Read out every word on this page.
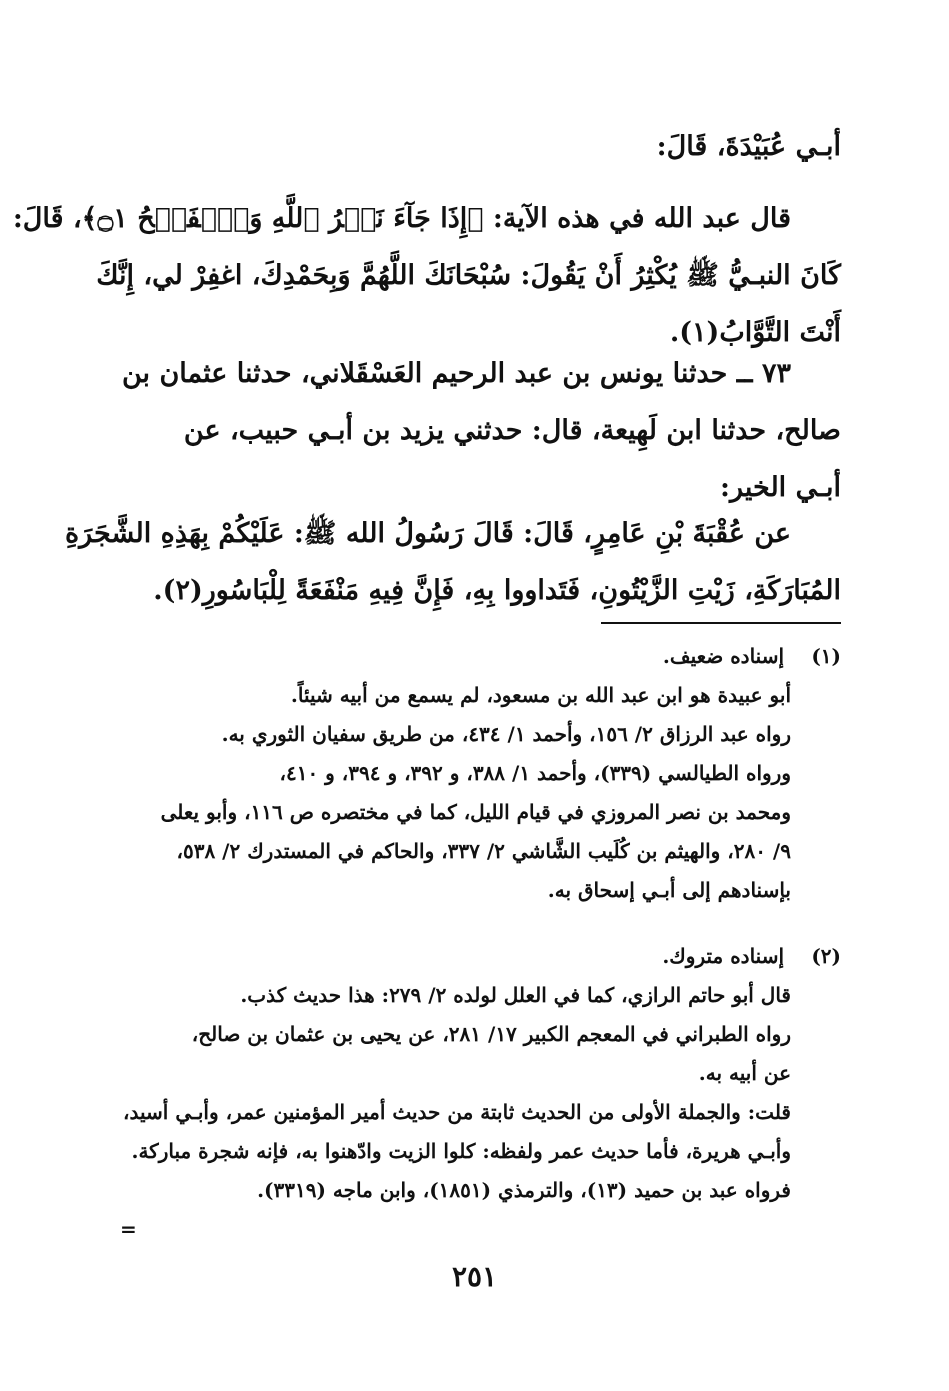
أبـي عُبَيْدَةَ، قَالَ:
قال عبد الله في هذه الآية: ﴿إِذَا جَآءَ نَصۡرُ ٱللَّهِ وَٱلۡفَتۡحُ ۝١﴾، قَالَ:
كَانَ النبـيُّ ﷺ يُكْثِرُ أَنْ يَقُولَ: سُبْحَانَكَ اللَّهُمَّ وَبِحَمْدِكَ، اغفِرْ لي، إِنَّكَ
أَنْتَ التَّوَّابُ(١).
٧٣ ــ حدثنا يونس بن عبد الرحيم العَسْقَلاني، حدثنا عثمان بن
صالح، حدثنا ابن لَهِيعة، قال: حدثني يزيد بن أبـي حبيب، عن
أبـي الخير:
عن عُقْبَةَ بْنِ عَامِرٍ، قَالَ: قَالَ رَسُولُ الله ﷺ: عَلَيْكُمْ بِهَذِهِ الشَّجَرَةِ
المُبَارَكَةِ، زَيْتِ الزَّيْتُونِ، فَتَداووا بِهِ، فَإِنَّ فِيهِ مَنْفَعَةً لِلْبَاسُورِ(٢).
(١) إسناده ضعيف.
أبو عبيدة هو ابن عبد الله بن مسعود، لم يسمع من أبيه شيئاً.
رواه عبد الرزاق ٢/ ١٥٦، وأحمد ١/ ٤٣٤، من طريق سفيان الثوري به.
ورواه الطيالسي (٣٣٩)، وأحمد ١/ ٣٨٨، و ٣٩٢، و ٣٩٤، و ٤١٠،
ومحمد بن نصر المروزي في قيام الليل، كما في مختصره ص ١١٦، وأبو يعلى
٩/ ٢٨٠، والهيثم بن كُلَيب الشَّاشي ٢/ ٣٣٧، والحاكم في المستدرك ٢/ ٥٣٨،
بإسنادهم إلى أبـي إسحاق به.
(٢) إسناده متروك.
قال أبو حاتم الرازي، كما في العلل لولده ٢/ ٢٧٩: هذا حديث كذب.
رواه الطبراني في المعجم الكبير ١٧/ ٢٨١، عن يحيى بن عثمان بن صالح،
عن أبيه به.
قلت: والجملة الأولى من الحديث ثابتة من حديث أمير المؤمنين عمر، وأبـي أسيد،
وأبـي هريرة، فأما حديث عمر ولفظه: كلوا الزيت وادّهنوا به، فإنه شجرة مباركة.
فرواه عبد بن حميد (١٣)، والترمذي (١٨٥١)، وابن ماجه (٣٣١٩).
=
٢٥١
